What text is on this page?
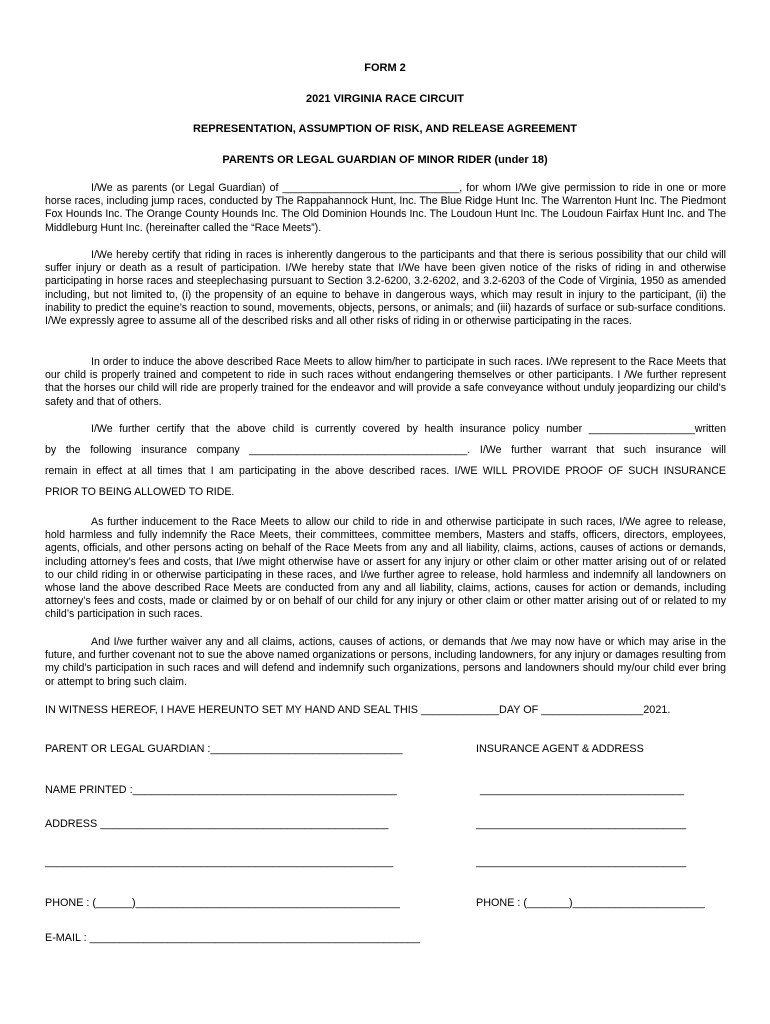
FORM 2
2021 VIRGINIA RACE CIRCUIT
REPRESENTATION, ASSUMPTION OF RISK, AND RELEASE AGREEMENT
PARENTS OR LEGAL GUARDIAN OF MINOR RIDER (under 18)
I/We as parents (or Legal Guardian) of ______________________________, for whom I/We give permission to ride in one or more horse races, including jump races, conducted by The Rappahannock Hunt, Inc. The Blue Ridge Hunt Inc. The Warrenton Hunt Inc. The Piedmont Fox Hounds Inc. The Orange County Hounds Inc. The Old Dominion Hounds Inc. The Loudoun Hunt Inc. The Loudoun Fairfax Hunt Inc. and The Middleburg Hunt Inc. (hereinafter called the “Race Meets”).
I/We hereby certify that riding in races is inherently dangerous to the participants and that there is serious possibility that our child will suffer injury or death as a result of participation. I/We hereby state that I/We have been given notice of the risks of riding in and otherwise participating in horse races and steeplechasing pursuant to Section 3.2-6200, 3.2-6202, and 3.2-6203 of the Code of Virginia, 1950 as amended including, but not limited to, (i) the propensity of an equine to behave in dangerous ways, which may result in injury to the participant, (ii) the inability to predict the equine’s reaction to sound, movements, objects, persons, or animals; and (iii) hazards of surface or sub-surface conditions. I/We expressly agree to assume all of the described risks and all other risks of riding in or otherwise participating in the races.
In order to induce the above described Race Meets to allow him/her to participate in such races. I/We represent to the Race Meets that our child is properly trained and competent to ride in such races without endangering themselves or other participants. I /We further represent that the horses our child will ride are properly trained for the endeavor and will provide a safe conveyance without unduly jeopardizing our child’s safety and that of others.
I/We further certify that the above child is currently covered by health insurance policy number __________________written
by the following insurance company _____________________________________. I/We further warrant that such insurance will
remain in effect at all times that I am participating in the above described races. I/WE WILL PROVIDE PROOF OF SUCH INSURANCE
PRIOR TO BEING ALLOWED TO RIDE.
As further inducement to the Race Meets to allow our child to ride in and otherwise participate in such races, I/We agree to release, hold harmless and fully indemnify the Race Meets, their committees, committee members, Masters and staffs, officers, directors, employees, agents, officials, and other persons acting on behalf of the Race Meets from any and all liability, claims, actions, causes of actions or demands, including attorney’s fees and costs, that I/we might otherwise have or assert for any injury or other claim or other matter arising out of or related to our child riding in or otherwise participating in these races, and I/we further agree to release, hold harmless and indemnify all landowners on whose land the above described Race Meets are conducted from any and all liability, claims, actions, causes for action or demands, including attorney’s fees and costs, made or claimed by or on behalf of our child for any injury or other claim or other matter arising out of or related to my child’s participation in such races.
And I/we further waiver any and all claims, actions, causes of actions, or demands that /we may now have or which may arise in the future, and further covenant not to sue the above named organizations or persons, including landowners, for any injury or damages resulting from my child’s participation in such races and will defend and indemnify such organizations, persons and landowners should my/our child ever bring or attempt to bring such claim.
IN WITNESS HEREOF, I HAVE HEREUNTO SET MY HAND AND SEAL THIS _____________DAY OF _________________2021.
PARENT OR LEGAL GUARDIAN :________________________________	INSURANCE AGENT & ADDRESS
NAME PRINTED :____________________________________________	__________________________________
ADDRESS ________________________________________________	___________________________________
__________________________________________________________	___________________________________
PHONE : (______)____________________________________________	PHONE : (_______)______________________
E-MAIL : _______________________________________________________
